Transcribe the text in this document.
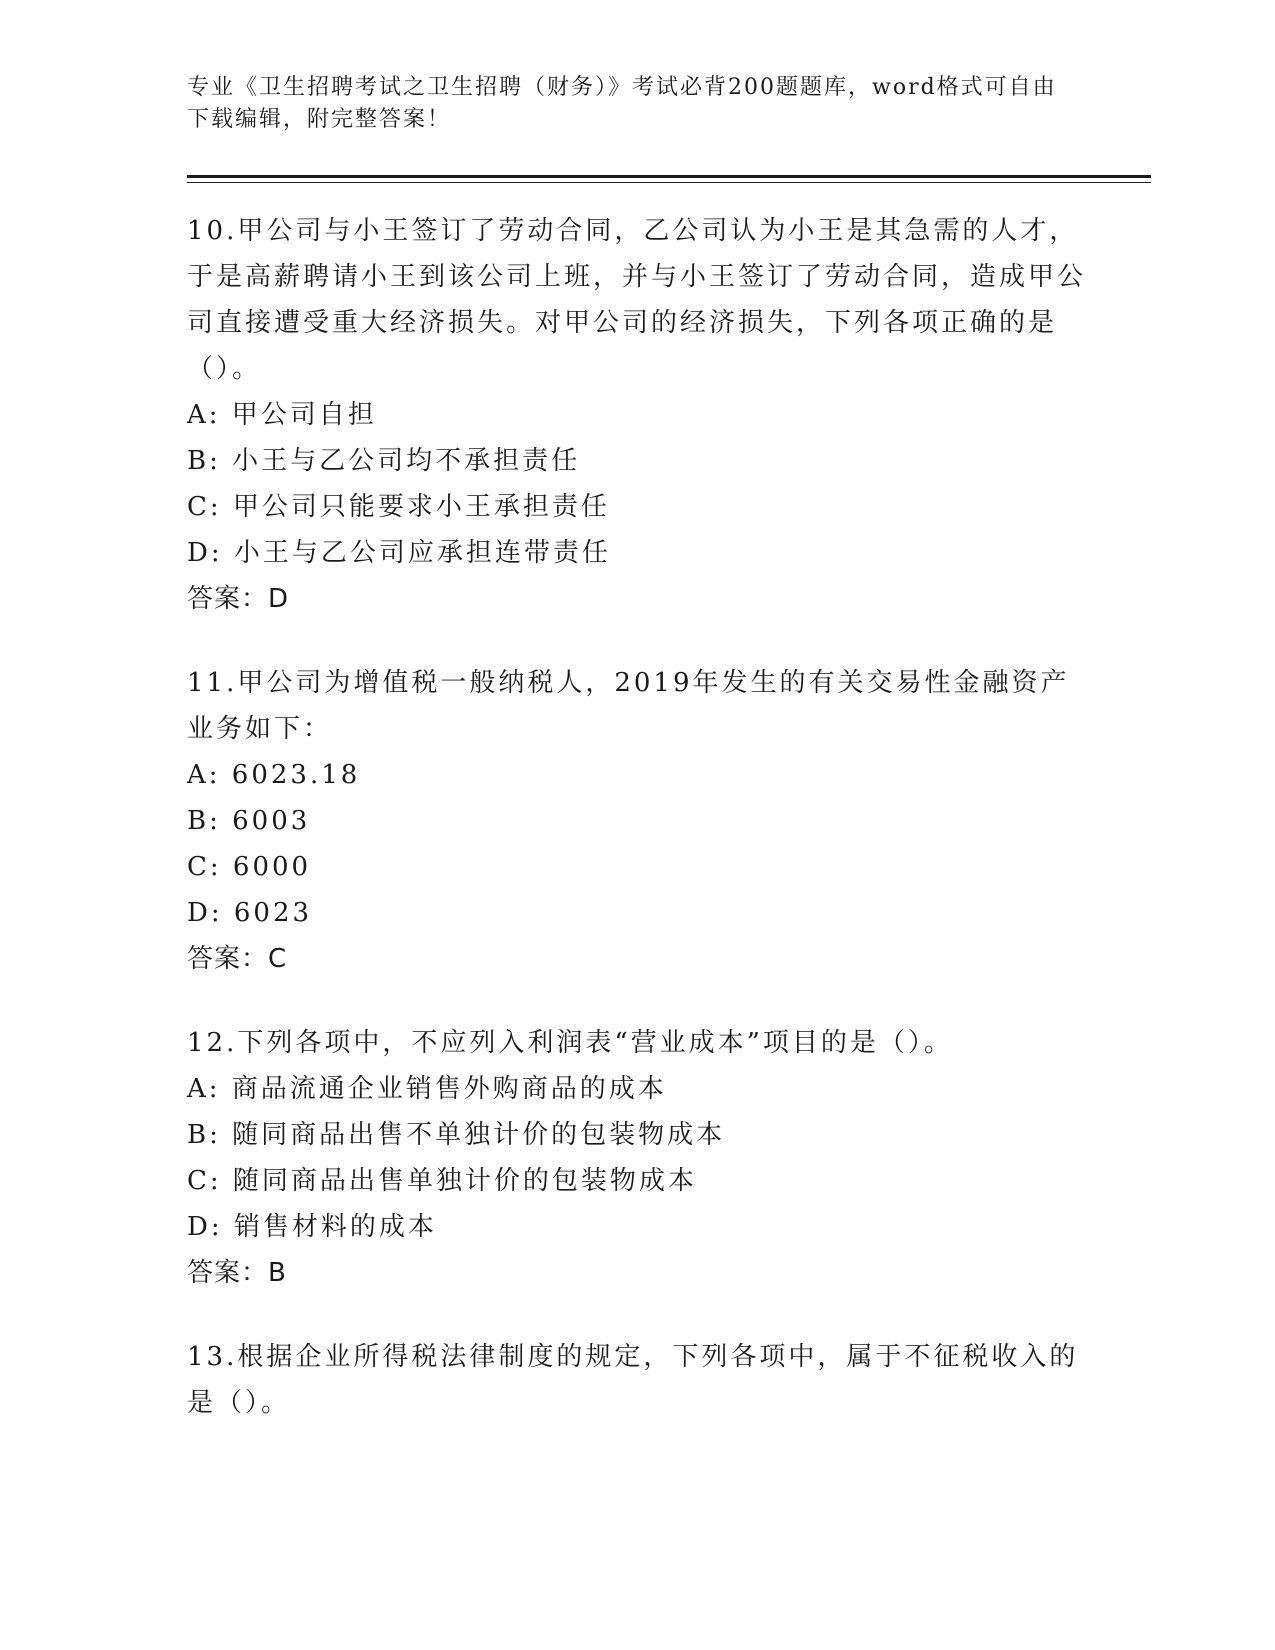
专业《卫生招聘考试之卫生招聘（财务）》考试必背200题题库，word格式可自由下载编辑，附完整答案！

10.甲公司与小王签订了劳动合同，乙公司认为小王是其急需的人才，于是高薪聘请小王到该公司上班，并与小王签订了劳动合同，造成甲公司直接遭受重大经济损失。对甲公司的经济损失，下列各项正确的是（）。

A: 甲公司自担

B: 小王与乙公司均不承担责任

C: 甲公司只能要求小王承担责任

D: 小王与乙公司应承担连带责任

答案：D

11.甲公司为增值税一般纳税人，2019年发生的有关交易性金融资产业务如下：

A: 6023.18

B: 6003

C: 6000

D: 6023

答案：C

12.下列各项中，不应列入利润表“营业成本”项目的是（）。

A: 商品流通企业销售外购商品的成本

B: 随同商品出售不单独计价的包装物成本

C: 随同商品出售单独计价的包装物成本

D: 销售材料的成本

答案：B

13.根据企业所得税法律制度的规定，下列各项中，属于不征税收入的是（）。
